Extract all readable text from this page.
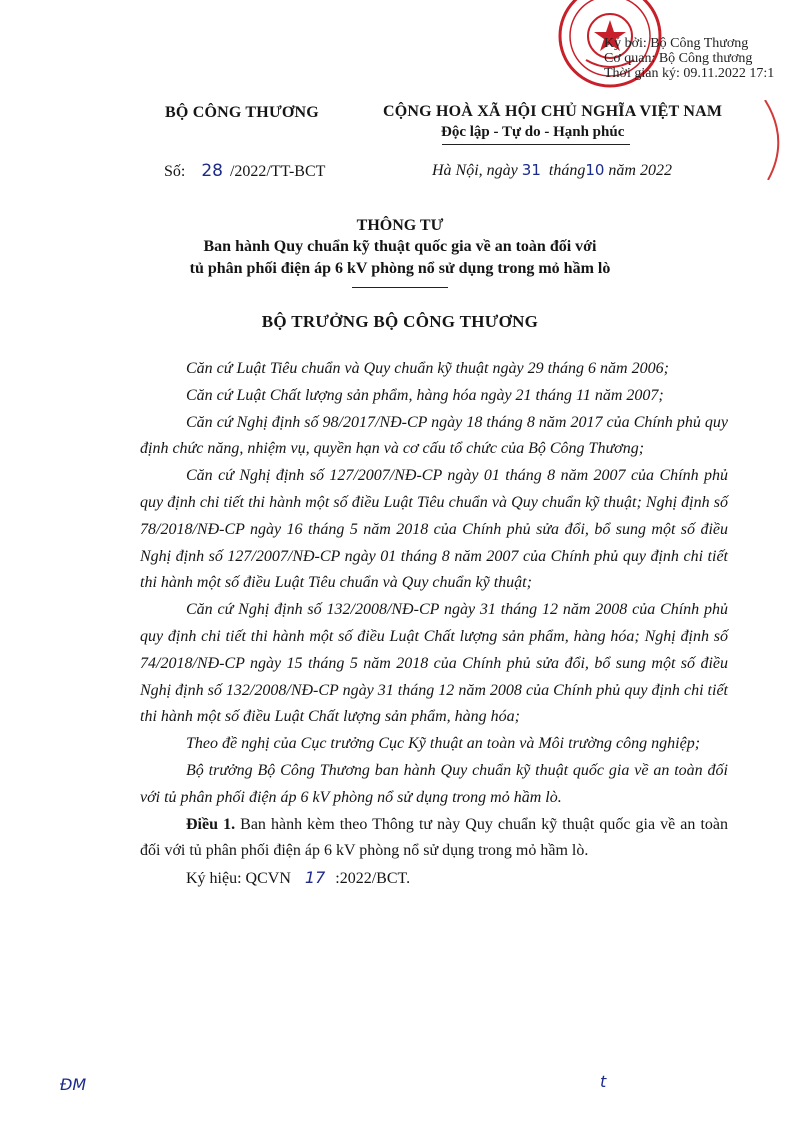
Ký bởi: Bộ Công Thương
Cơ quan: Bộ Công thương
Thời gian ký: 09.11.2022 17:1
BỘ CÔNG THƯƠNG
Số: 28 /2022/TT-BCT
CỘNG HOÀ XÃ HỘI CHỦ NGHĨA VIỆT NAM
Độc lập - Tự do - Hạnh phúc
Hà Nội, ngày 31 tháng10 năm 2022
THÔNG TƯ
Ban hành Quy chuẩn kỹ thuật quốc gia về an toàn đối với
tủ phân phối điện áp 6 kV phòng nổ sử dụng trong mỏ hầm lò
BỘ TRƯỞNG BỘ CÔNG THƯƠNG

Căn cứ Luật Tiêu chuẩn và Quy chuẩn kỹ thuật ngày 29 tháng 6 năm 2006;

Căn cứ Luật Chất lượng sản phẩm, hàng hóa ngày 21 tháng 11 năm 2007;

Căn cứ Nghị định số 98/2017/NĐ-CP ngày 18 tháng 8 năm 2017 của Chính phủ quy định chức năng, nhiệm vụ, quyền hạn và cơ cấu tổ chức của Bộ Công Thương;

Căn cứ Nghị định số 127/2007/NĐ-CP ngày 01 tháng 8 năm 2007 của Chính phủ quy định chi tiết thi hành một số điều Luật Tiêu chuẩn và Quy chuẩn kỹ thuật; Nghị định số 78/2018/NĐ-CP ngày 16 tháng 5 năm 2018 của Chính phủ sửa đổi, bổ sung một số điều Nghị định số 127/2007/NĐ-CP ngày 01 tháng 8 năm 2007 của Chính phủ quy định chi tiết thi hành một số điều Luật Tiêu chuẩn và Quy chuẩn kỹ thuật;

Căn cứ Nghị định số 132/2008/NĐ-CP ngày 31 tháng 12 năm 2008 của Chính phủ quy định chi tiết thi hành một số điều Luật Chất lượng sản phẩm, hàng hóa; Nghị định số 74/2018/NĐ-CP ngày 15 tháng 5 năm 2018 của Chính phủ sửa đổi, bổ sung một số điều Nghị định số 132/2008/NĐ-CP ngày 31 tháng 12 năm 2008 của Chính phủ quy định chi tiết thi hành một số điều Luật Chất lượng sản phẩm, hàng hóa;

Theo đề nghị của Cục trưởng Cục Kỹ thuật an toàn và Môi trường công nghiệp;

Bộ trưởng Bộ Công Thương ban hành Quy chuẩn kỹ thuật quốc gia về an toàn đối với tủ phân phối điện áp 6 kV phòng nổ sử dụng trong mỏ hầm lò.

Điều 1. Ban hành kèm theo Thông tư này Quy chuẩn kỹ thuật quốc gia về an toàn đối với tủ phân phối điện áp 6 kV phòng nổ sử dụng trong mỏ hầm lò.

Ký hiệu: QCVN 17 :2022/BCT.

ĐM	t
